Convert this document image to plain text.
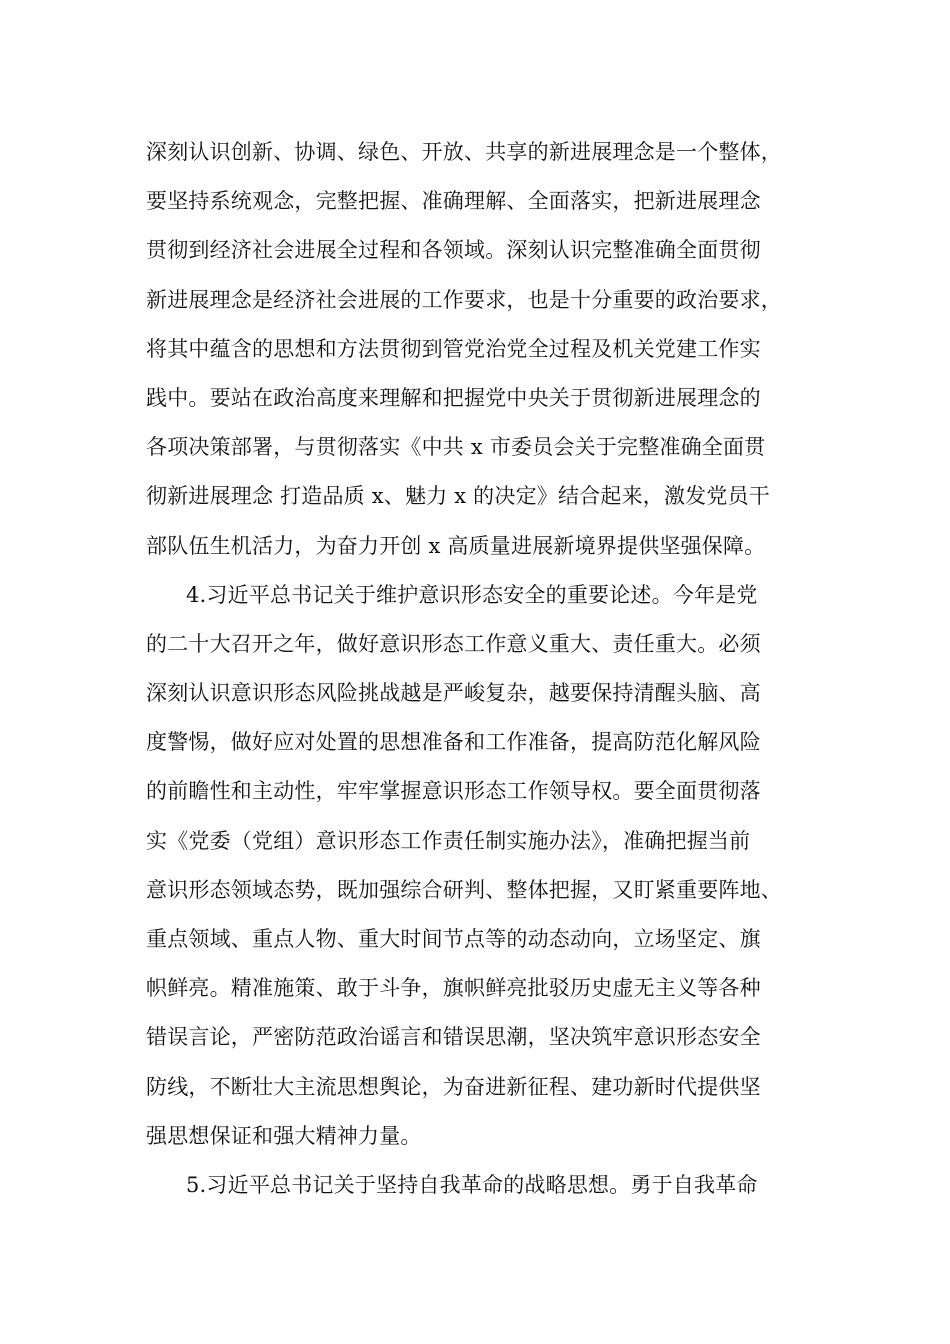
深刻认识创新、协调、绿色、开放、共享的新进展理念是一个整体，
要坚持系统观念，完整把握、准确理解、全面落实，把新进展理念
贯彻到经济社会进展全过程和各领域。深刻认识完整准确全面贯彻
新进展理念是经济社会进展的工作要求，也是十分重要的政治要求，
将其中蕴含的思想和方法贯彻到管党治党全过程及机关党建工作实
践中。要站在政治高度来理解和把握党中央关于贯彻新进展理念的
各项决策部署，与贯彻落实《中共 x 市委员会关于完整准确全面贯
彻新进展理念 打造品质 x、魅力 x 的决定》结合起来，激发党员干
部队伍生机活力，为奋力开创 x 高质量进展新境界提供坚强保障。
4.习近平总书记关于维护意识形态安全的重要论述。今年是党
的二十大召开之年，做好意识形态工作意义重大、责任重大。必须
深刻认识意识形态风险挑战越是严峻复杂，越要保持清醒头脑、高
度警惕，做好应对处置的思想准备和工作准备，提高防范化解风险
的前瞻性和主动性，牢牢掌握意识形态工作领导权。要全面贯彻落
实《党委（党组）意识形态工作责任制实施办法》，准确把握当前
意识形态领域态势，既加强综合研判、整体把握，又盯紧重要阵地、
重点领域、重点人物、重大时间节点等的动态动向，立场坚定、旗
帜鲜亮。精准施策、敢于斗争，旗帜鲜亮批驳历史虚无主义等各种
错误言论，严密防范政治谣言和错误思潮，坚决筑牢意识形态安全
防线，不断壮大主流思想舆论，为奋进新征程、建功新时代提供坚
强思想保证和强大精神力量。
5.习近平总书记关于坚持自我革命的战略思想。勇于自我革命
